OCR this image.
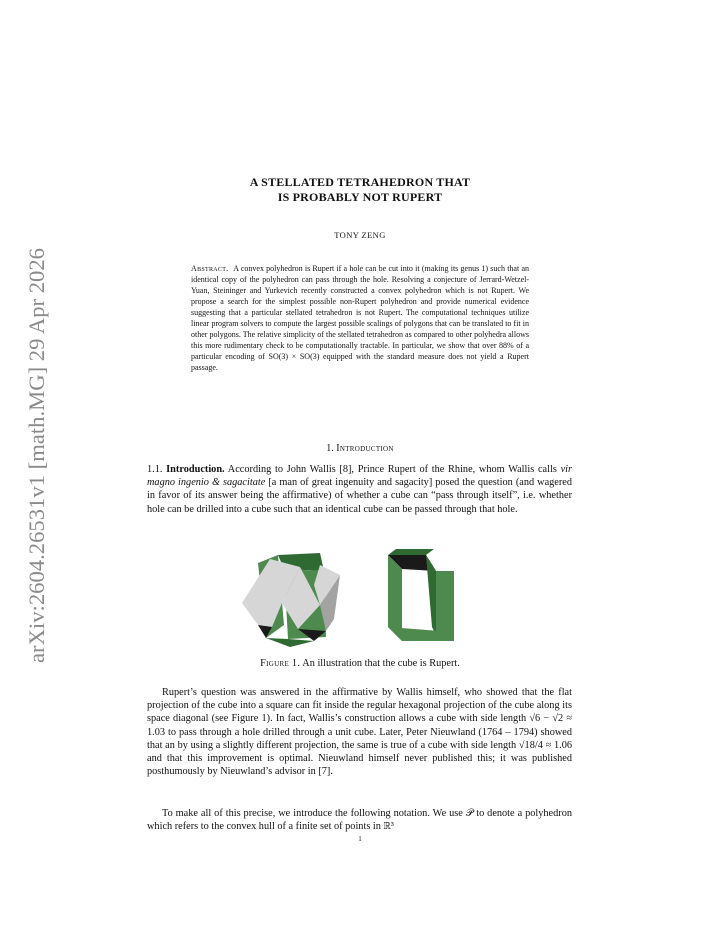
arXiv:2604.26531v1 [math.MG] 29 Apr 2026
A STELLATED TETRAHEDRON THAT
IS PROBABLY NOT RUPERT
TONY ZENG
Abstract. A convex polyhedron is Rupert if a hole can be cut into it (making its genus 1) such that an identical copy of the polyhedron can pass through the hole. Resolving a conjecture of Jerrard-Wetzel-Yuan, Steininger and Yurkevich recently constructed a convex polyhedron which is not Rupert. We propose a search for the simplest possible non-Rupert polyhedron and provide numerical evidence suggesting that a particular stellated tetrahedron is not Rupert. The computational techniques utilize linear program solvers to compute the largest possible scalings of polygons that can be translated to fit in other polygons. The relative simplicity of the stellated tetrahedron as compared to other polyhedra allows this more rudimentary check to be computationally tractable. In particular, we show that over 88% of a particular encoding of SO(3) × SO(3) equipped with the standard measure does not yield a Rupert passage.
1. Introduction

1.1. Introduction. According to John Wallis [8], Prince Rupert of the Rhine, whom Wallis calls vir magno ingenio & sagacitate [a man of great ingenuity and sagacity] posed the question (and wagered in favor of its answer being the affirmative) of whether a cube can “pass through itself”, i.e. whether hole can be drilled into a cube such that an identical cube can be passed through that hole.

Figure 1. An illustration that the cube is Rupert.

Rupert’s question was answered in the affirmative by Wallis himself, who showed that the flat projection of the cube into a square can fit inside the regular hexagonal projection of the cube along its space diagonal (see Figure 1). In fact, Wallis’s construction allows a cube with side length √6 − √2 ≈ 1.03 to pass through a hole drilled through a unit cube. Later, Peter Nieuwland (1764 – 1794) showed that an by using a slightly different projection, the same is true of a cube with side length √18/4 ≈ 1.06 and that this improvement is optimal. Nieuwland himself never published this; it was published posthumously by Nieuwland’s advisor in [7].

To make all of this precise, we introduce the following notation. We use 𝒫 to denote a polyhedron which refers to the convex hull of a finite set of points in ℝ³

1
